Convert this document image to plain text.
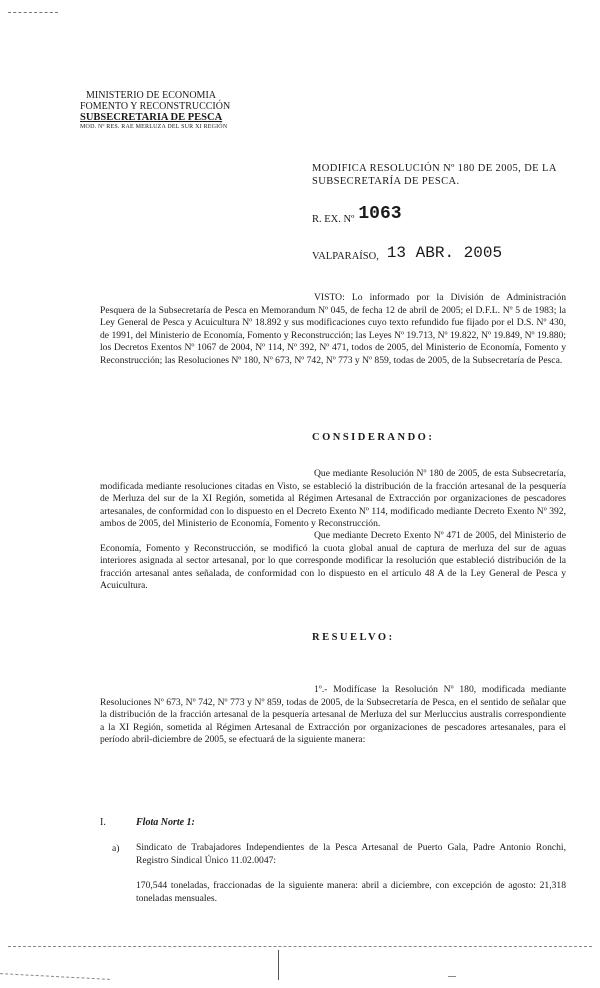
MINISTERIO DE ECONOMIA
FOMENTO Y RECONSTRUCCIÓN
SUBSECRETARIA DE PESCA
MOD. Nº RES. RAE MERLUZA DEL SUR XI REGIÓN
MODIFICA RESOLUCIÓN Nº 180 DE 2005, DE LA SUBSECRETARÍA DE PESCA.
R. EX. Nº 1063
VALPARAÍSO, 13 ABR. 2005
VISTO: Lo informado por la División de Administración Pesquera de la Subsecretaría de Pesca en Memorandum Nº 045, de fecha 12 de abril de 2005; el D.F.L. Nº 5 de 1983; la Ley General de Pesca y Acuicultura Nº 18.892 y sus modificaciones cuyo texto refundido fue fijado por el D.S. Nº 430, de 1991, del Ministerio de Economía, Fomento y Reconstrucción; las Leyes Nº 19.713, Nº 19.822, Nº 19.849, Nº 19.880; los Decretos Exentos Nº 1067 de 2004, Nº 114, Nº 392, Nº 471, todos de 2005, del Ministerio de Economía, Fomento y Reconstrucción; las Resoluciones Nº 180, Nº 673, Nº 742, Nº 773 y Nº 859, todas de 2005, de la Subsecretaría de Pesca.
CONSIDERANDO:
Que mediante Resolución Nº 180 de 2005, de esta Subsecretaría, modificada mediante resoluciones citadas en Visto, se estableció la distribución de la fracción artesanal de la pesquería de Merluza del sur de la XI Región, sometida al Régimen Artesanal de Extracción por organizaciones de pescadores artesanales, de conformidad con lo dispuesto en el Decreto Exento Nº 114, modificado mediante Decreto Exento Nº 392, ambos de 2005, del Ministerio de Economía, Fomento y Reconstrucción.
Que mediante Decreto Exento Nº 471 de 2005, del Ministerio de Economía, Fomento y Reconstrucción, se modificó la cuota global anual de captura de merluza del sur de aguas interiores asignada al sector artesanal, por lo que corresponde modificar la resolución que estableció distribución de la fracción artesanal antes señalada, de conformidad con lo dispuesto en el artículo 48 A de la Ley General de Pesca y Acuicultura.
RESUELVO:
1º.- Modifícase la Resolución Nº 180, modificada mediante Resoluciones Nº 673, Nº 742, Nº 773 y Nº 859, todas de 2005, de la Subsecretaría de Pesca, en el sentido de señalar que la distribución de la fracción artesanal de la pesquería artesanal de Merluza del sur Merluccius australis correspondiente a la XI Región, sometida al Régimen Artesanal de Extracción por organizaciones de pescadores artesanales, para el período abril-diciembre de 2005, se efectuará de la siguiente manera:
I.	Flota Norte 1:
a) Sindicato de Trabajadores Independientes de la Pesca Artesanal de Puerto Gala, Padre Antonio Ronchi, Registro Sindical Único 11.02.0047:
170,544 toneladas, fraccionadas de la siguiente manera: abril a diciembre, con excepción de agosto: 21,318 toneladas mensuales.
